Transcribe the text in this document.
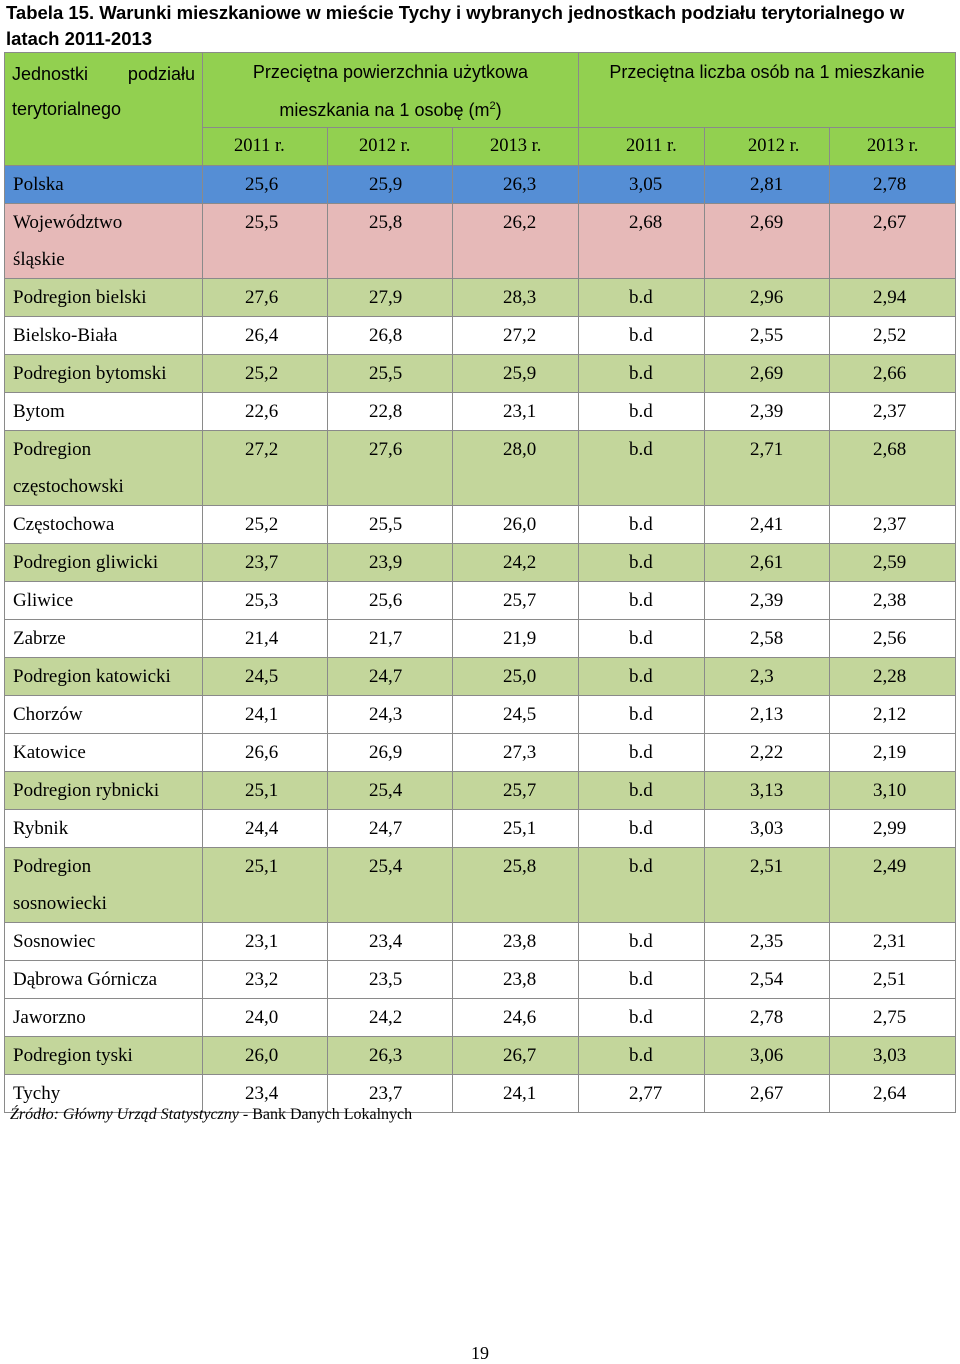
Tabela 15. Warunki mieszkaniowe w mieście Tychy i wybranych jednostkach podziału terytorialnego w latach 2011-2013
Jednostki podziału
terytorialnego	Przeciętna powierzchnia użytkowa
mieszkania na 1 osobę $(m^2)$			Przeciętna liczba osób na 1 mieszkanie		

	2011 r.	2012 r.	2013 r.	2011 r.	2012 r.	2013 r.

Polska	25,6	25,9	26,3	3,05	2,81	2,78
Województwo śląskie	25,5	25,8	26,2	2,68	2,69	2,67
Podregion bielski	27,6	27,9	28,3	b.d	2,96	2,94
Bielsko-Biała	26,4	26,8	27,2	b.d	2,55	2,52
Podregion bytomski	25,2	25,5	25,9	b.d	2,69	2,66
Bytom	22,6	22,8	23,1	b.d	2,39	2,37
Podregion częstochowski	27,2	27,6	28,0	b.d	2,71	2,68
Częstochowa	25,2	25,5	26,0	b.d	2,41	2,37
Podregion gliwicki	23,7	23,9	24,2	b.d	2,61	2,59
Gliwice	25,3	25,6	25,7	b.d	2,39	2,38
Zabrze	21,4	21,7	21,9	b.d	2,58	2,56
Podregion katowicki	24,5	24,7	25,0	b.d	2,3	2,28
Chorzów	24,1	24,3	24,5	b.d	2,13	2,12
Katowice	26,6	26,9	27,3	b.d	2,22	2,19
Podregion rybnicki	25,1	25,4	25,7	b.d	3,13	3,10
Rybnik	24,4	24,7	25,1	b.d	3,03	2,99
Podregion sosnowiecki	25,1	25,4	25,8	b.d	2,51	2,49
Sosnowiec	23,1	23,4	23,8	b.d	2,35	2,31
Dąbrowa Górnicza	23,2	23,5	23,8	b.d	2,54	2,51
Jaworzno	24,0	24,2	24,6	b.d	2,78	2,75
Podregion tyski	26,0	26,3	26,7	b.d	3,06	3,03
Tychy	23,4	23,7	24,1	2,77	2,67	2,64
Źródło: Główny Urząd Statystyczny - Bank Danych Lokalnych
19
